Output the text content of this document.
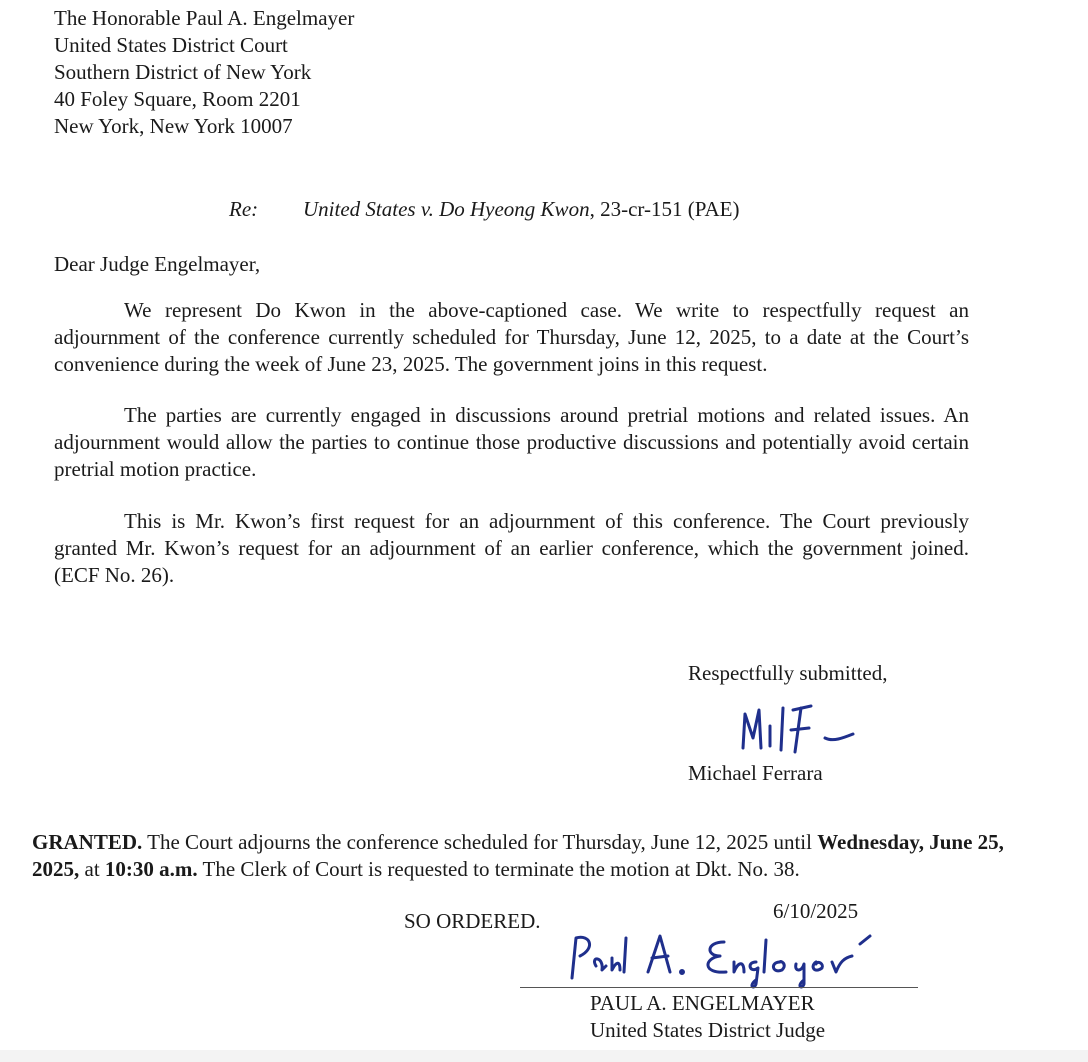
The Honorable Paul A. Engelmayer
United States District Court
Southern District of New York
40 Foley Square, Room 2201
New York, New York 10007
Re: United States v. Do Hyeong Kwon, 23-cr-151 (PAE)
Dear Judge Engelmayer,
We represent Do Kwon in the above-captioned case. We write to respectfully request an adjournment of the conference currently scheduled for Thursday, June 12, 2025, to a date at the Court’s convenience during the week of June 23, 2025. The government joins in this request.
The parties are currently engaged in discussions around pretrial motions and related issues. An adjournment would allow the parties to continue those productive discussions and potentially avoid certain pretrial motion practice.
This is Mr. Kwon’s first request for an adjournment of this conference. The Court previously granted Mr. Kwon’s request for an adjournment of an earlier conference, which the government joined. (ECF No. 26).
Respectfully submitted,
Michael Ferrara
GRANTED. The Court adjourns the conference scheduled for Thursday, June 12, 2025 until Wednesday, June 25, 2025, at 10:30 a.m. The Clerk of Court is requested to terminate the motion at Dkt. No. 38.
SO ORDERED.	6/10/2025
PAUL A. ENGELMAYER
United States District Judge
